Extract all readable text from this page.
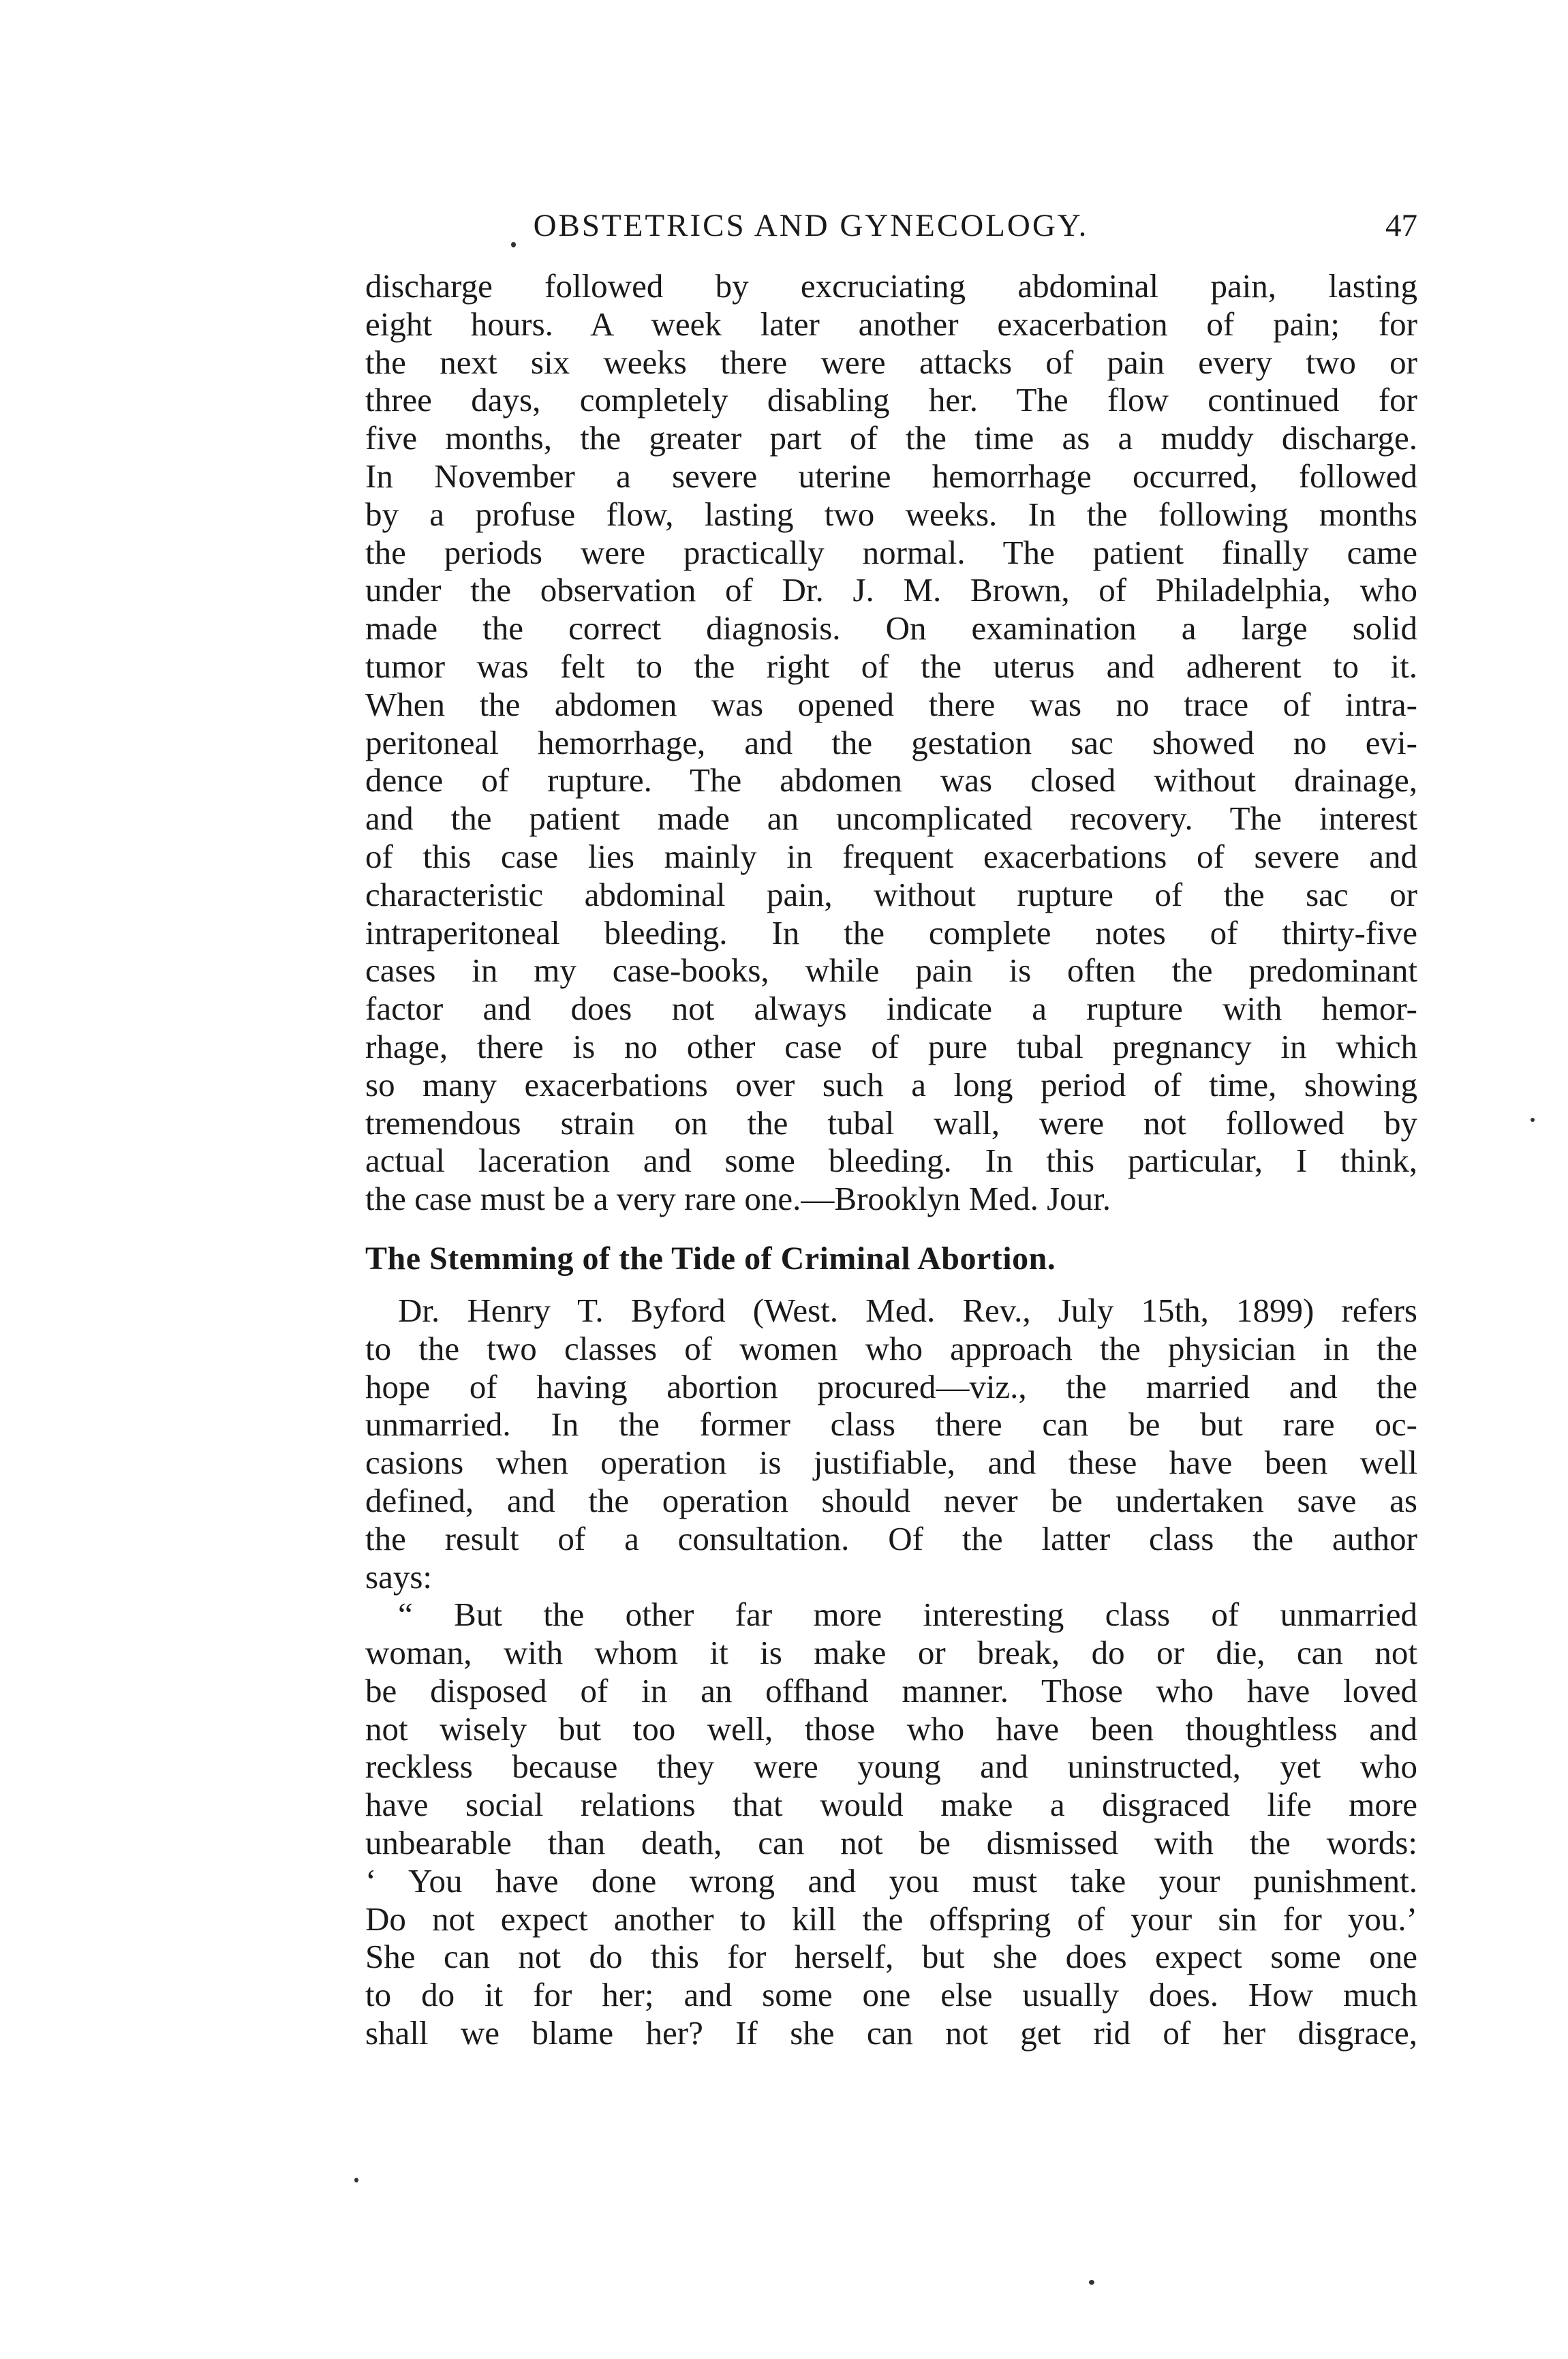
OBSTETRICS AND GYNECOLOGY.	47
discharge followed by excruciating abdominal pain, lasting
eight hours. A week later another exacerbation of pain; for
the next six weeks there were attacks of pain every two or
three days, completely disabling her. The flow continued for
five months, the greater part of the time as a muddy discharge.
In November a severe uterine hemorrhage occurred, followed
by a profuse flow, lasting two weeks. In the following months
the periods were practically normal. The patient finally came
under the observation of Dr. J. M. Brown, of Philadelphia, who
made the correct diagnosis. On examination a large solid
tumor was felt to the right of the uterus and adherent to it.
When the abdomen was opened there was no trace of intra-
peritoneal hemorrhage, and the gestation sac showed no evi-
dence of rupture. The abdomen was closed without drainage,
and the patient made an uncomplicated recovery. The interest
of this case lies mainly in frequent exacerbations of severe and
characteristic abdominal pain, without rupture of the sac or
intraperitoneal bleeding. In the complete notes of thirty-five
cases in my case-books, while pain is often the predominant
factor and does not always indicate a rupture with hemor-
rhage, there is no other case of pure tubal pregnancy in which
so many exacerbations over such a long period of time, showing
tremendous strain on the tubal wall, were not followed by
actual laceration and some bleeding. In this particular, I think,
the case must be a very rare one.—Brooklyn Med. Jour.
The Stemming of the Tide of Criminal Abortion.
Dr. Henry T. Byford (West. Med. Rev., July 15th, 1899) refers
to the two classes of women who approach the physician in the
hope of having abortion procured—viz., the married and the
unmarried. In the former class there can be but rare oc-
casions when operation is justifiable, and these have been well
defined, and the operation should never be undertaken save as
the result of a consultation. Of the latter class the author
says:
“ But the other far more interesting class of unmarried
woman, with whom it is make or break, do or die, can not
be disposed of in an offhand manner. Those who have loved
not wisely but too well, those who have been thoughtless and
reckless because they were young and uninstructed, yet who
have social relations that would make a disgraced life more
unbearable than death, can not be dismissed with the words:
‘ You have done wrong and you must take your punishment.
Do not expect another to kill the offspring of your sin for you.’
She can not do this for herself, but she does expect some one
to do it for her; and some one else usually does. How much
shall we blame her? If she can not get rid of her disgrace,
